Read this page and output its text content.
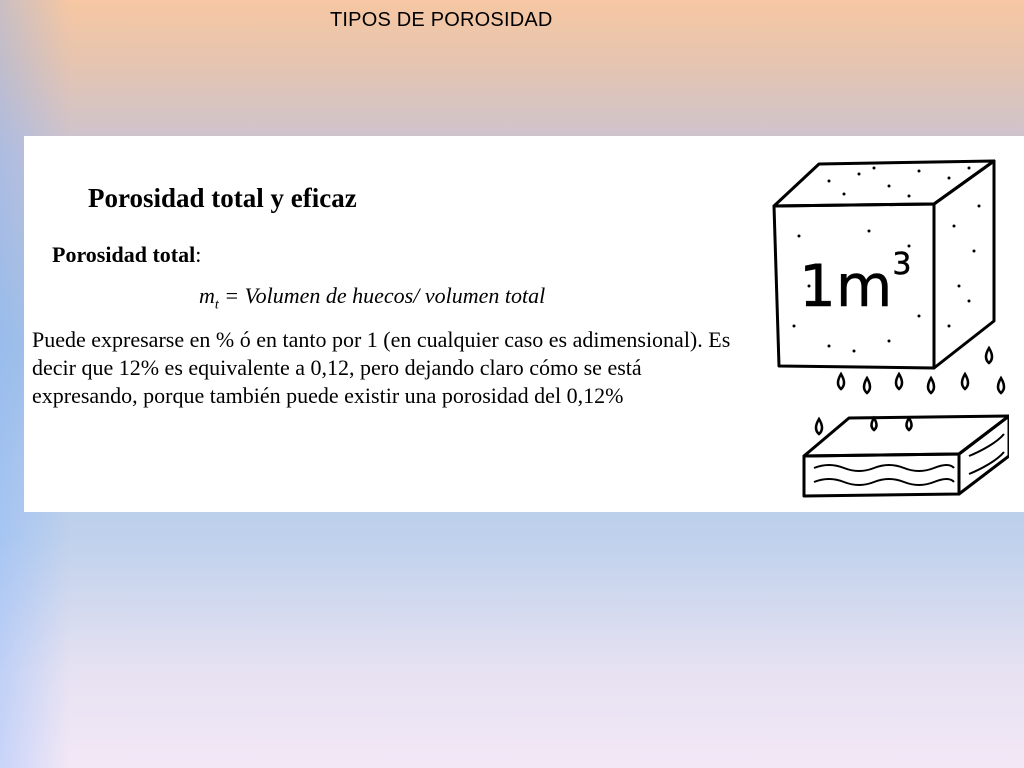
TIPOS DE POROSIDAD
Porosidad total y eficaz

Porosidad total:

$m_t$ = Volumen de huecos/ volumen total

Puede expresarse en % ó en tanto por 1 (en cualquier caso es adimensional). Es decir que 12% es equivalente a 0,12, pero dejando claro cómo se está expresando, porque también puede existir una porosidad del 0,12%

$1m^3$
